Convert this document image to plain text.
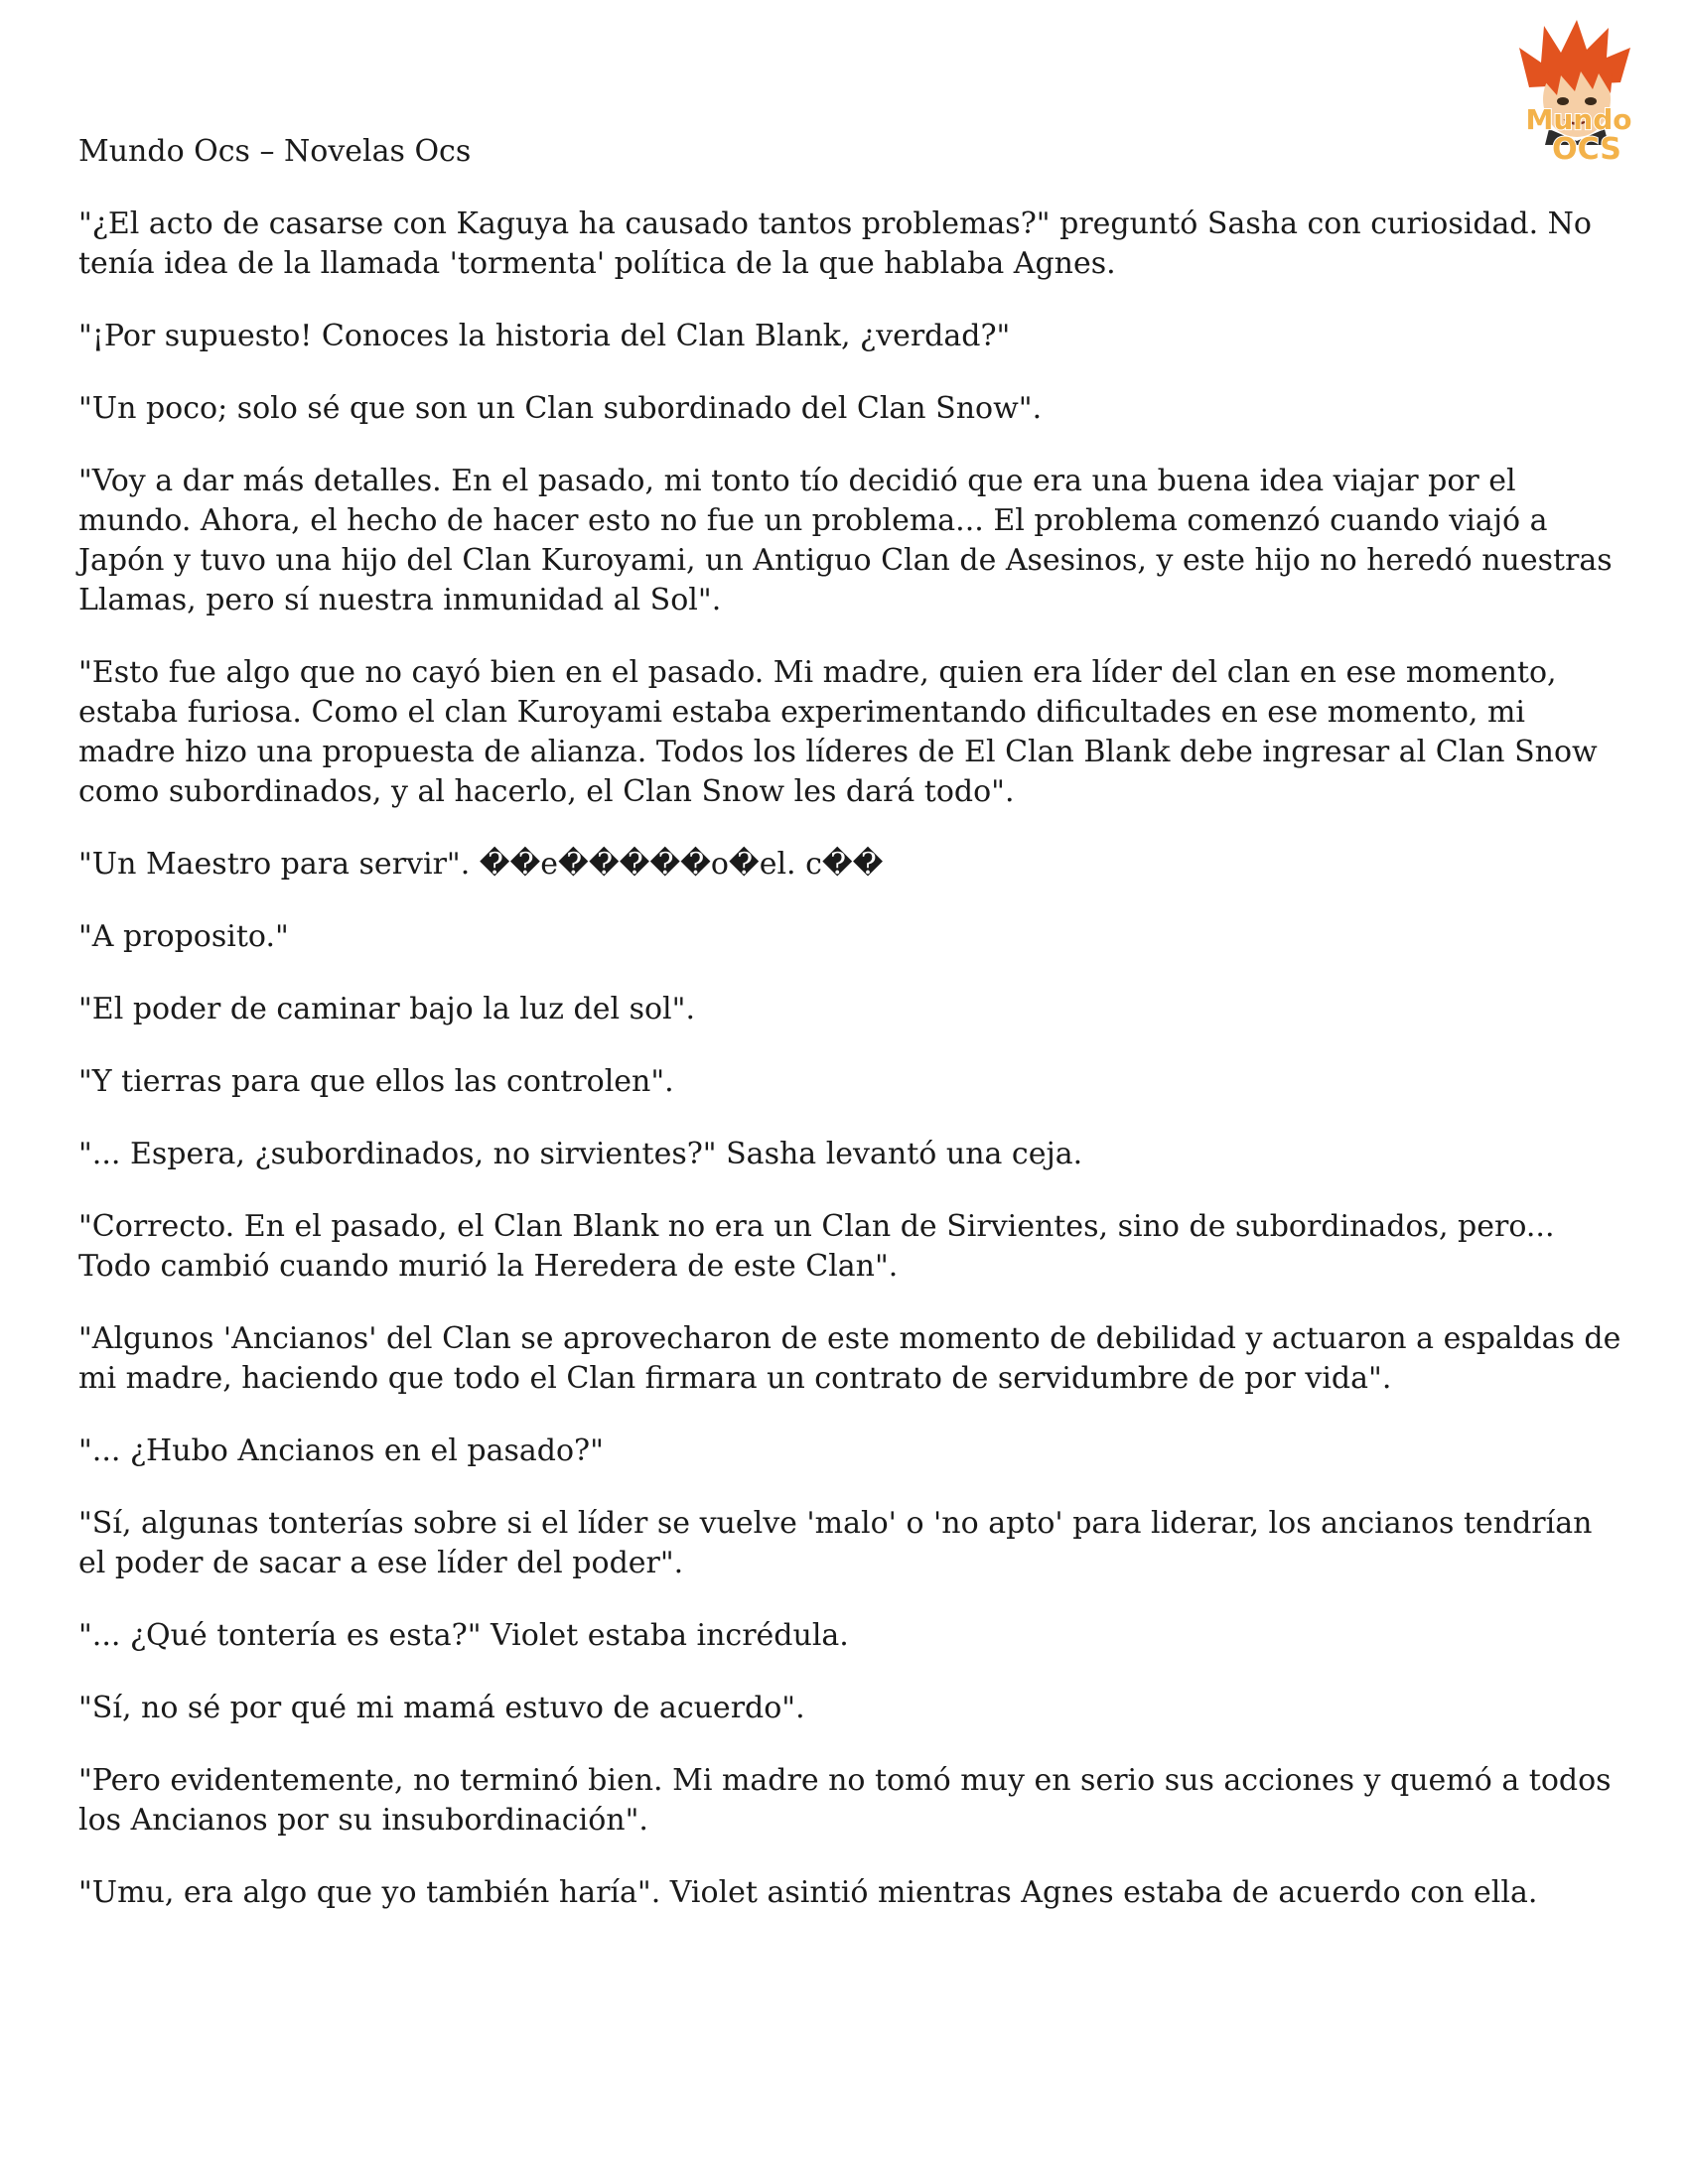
Mundo Ocs – Novelas Ocs
Mundo
OCS

"¿El acto de casarse con Kaguya ha causado tantos problemas?" preguntó Sasha con curiosidad. No tenía idea de la llamada 'tormenta' política de la que hablaba Agnes.

"¡Por supuesto! Conoces la historia del Clan Blank, ¿verdad?"

"Un poco; solo sé que son un Clan subordinado del Clan Snow".

"Voy a dar más detalles. En el pasado, mi tonto tío decidió que era una buena idea viajar por el mundo. Ahora, el hecho de hacer esto no fue un problema... El problema comenzó cuando viajó a Japón y tuvo una hijo del Clan Kuroyami, un Antiguo Clan de Asesinos, y este hijo no heredó nuestras Llamas, pero sí nuestra inmunidad al Sol".

"Esto fue algo que no cayó bien en el pasado. Mi madre, quien era líder del clan en ese momento, estaba furiosa. Como el clan Kuroyami estaba experimentando dificultades en ese momento, mi madre hizo una propuesta de alianza. Todos los líderes de El Clan Blank debe ingresar al Clan Snow como subordinados, y al hacerlo, el Clan Snow les dará todo".

"Un Maestro para servir". ��e�����o�el. c��

"A proposito."

"El poder de caminar bajo la luz del sol".

"Y tierras para que ellos las controlen".

"... Espera, ¿subordinados, no sirvientes?" Sasha levantó una ceja.

"Correcto. En el pasado, el Clan Blank no era un Clan de Sirvientes, sino de subordinados, pero... Todo cambió cuando murió la Heredera de este Clan".

"Algunos 'Ancianos' del Clan se aprovecharon de este momento de debilidad y actuaron a espaldas de mi madre, haciendo que todo el Clan firmara un contrato de servidumbre de por vida".

"... ¿Hubo Ancianos en el pasado?"

"Sí, algunas tonterías sobre si el líder se vuelve 'malo' o 'no apto' para liderar, los ancianos tendrían el poder de sacar a ese líder del poder".

"... ¿Qué tontería es esta?" Violet estaba incrédula.

"Sí, no sé por qué mi mamá estuvo de acuerdo".

"Pero evidentemente, no terminó bien. Mi madre no tomó muy en serio sus acciones y quemó a todos los Ancianos por su insubordinación".

"Umu, era algo que yo también haría". Violet asintió mientras Agnes estaba de acuerdo con ella.
